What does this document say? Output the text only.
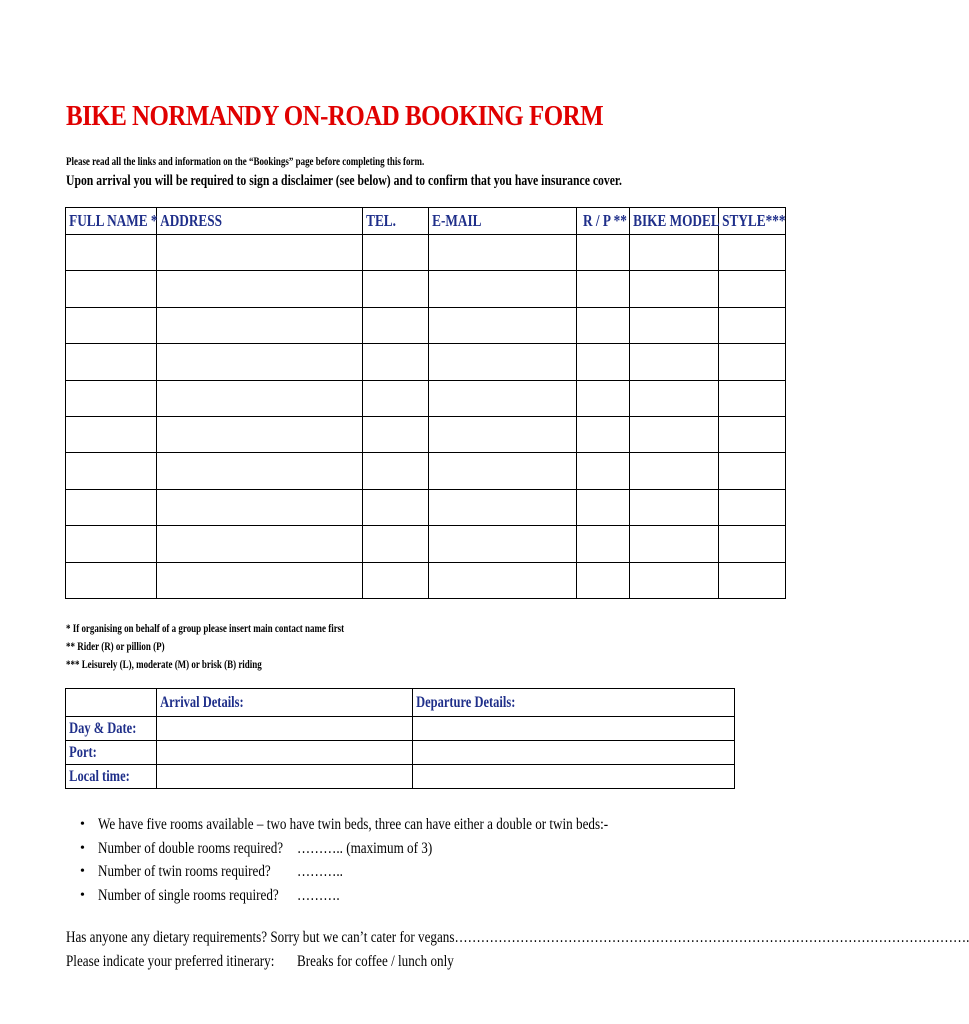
BIKE NORMANDY ON-ROAD BOOKING FORM
Please read all the links and information on the “Bookings” page before completing this form.
Upon arrival you will be required to sign a disclaimer (see below) and to confirm that you have insurance cover.
FULL NAME *	ADDRESS	TEL.	E-MAIL	R / P **	BIKE MODEL	STYLE***

* If organising on behalf of a group please insert main contact name first
** Rider (R) or pillion (P)
*** Leisurely (L), moderate (M) or brisk (B) riding
	Arrival Details:	Departure Details:
Day & Date:		
Port:		
Local time:		
• We have five rooms available – two have twin beds, three can have either a double or twin beds:-
• Number of double rooms required? ……….. (maximum of 3)
• Number of twin rooms required? ………..
• Number of single rooms required? ……….
Has anyone any dietary requirements? Sorry but we can’t cater for vegans……………………………………………………………………………………………………….
Please indicate your preferred itinerary: Breaks for coffee / lunch only
